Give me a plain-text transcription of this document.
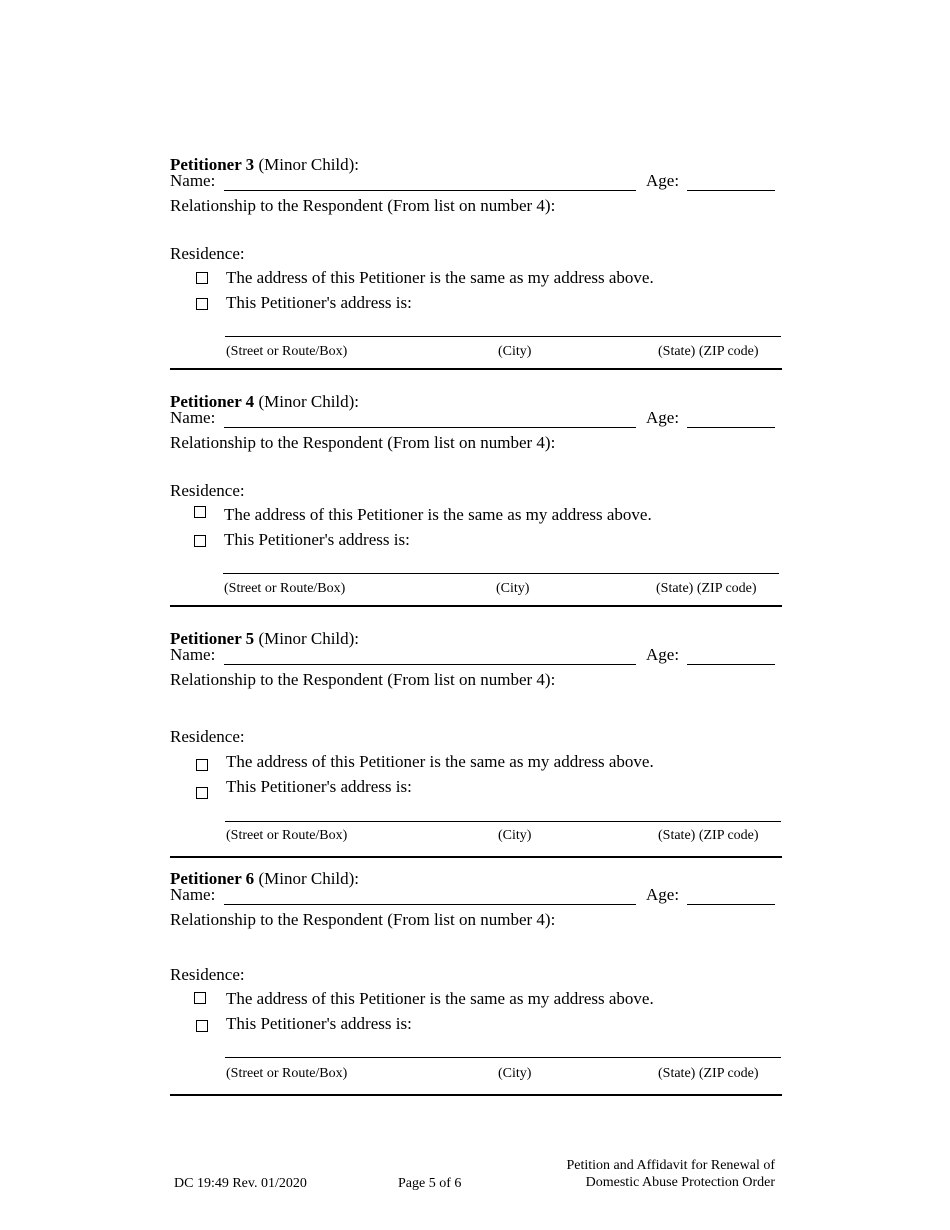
Petitioner 3 (Minor Child):
Name:	Age:
Relationship to the Respondent (From list on number 4):
Residence:
The address of this Petitioner is the same as my address above.
This Petitioner's address is:
(Street or Route/Box)	(City)	(State) (ZIP code)
Petitioner 4 (Minor Child):
Name:	Age:
Relationship to the Respondent (From list on number 4):
Residence:
The address of this Petitioner is the same as my address above.
This Petitioner's address is:
(Street or Route/Box)	(City)	(State) (ZIP code)
Petitioner 5 (Minor Child):
Name:	Age:
Relationship to the Respondent (From list on number 4):
Residence:
The address of this Petitioner is the same as my address above.
This Petitioner's address is:
(Street or Route/Box)	(City)	(State) (ZIP code)
Petitioner 6 (Minor Child):
Name:	Age:
Relationship to the Respondent (From list on number 4):
Residence:
The address of this Petitioner is the same as my address above.
This Petitioner's address is:
(Street or Route/Box)	(City)	(State) (ZIP code)
DC 19:49 Rev. 01/2020	Page 5 of 6
Petition and Affidavit for Renewal of
Domestic Abuse Protection Order
